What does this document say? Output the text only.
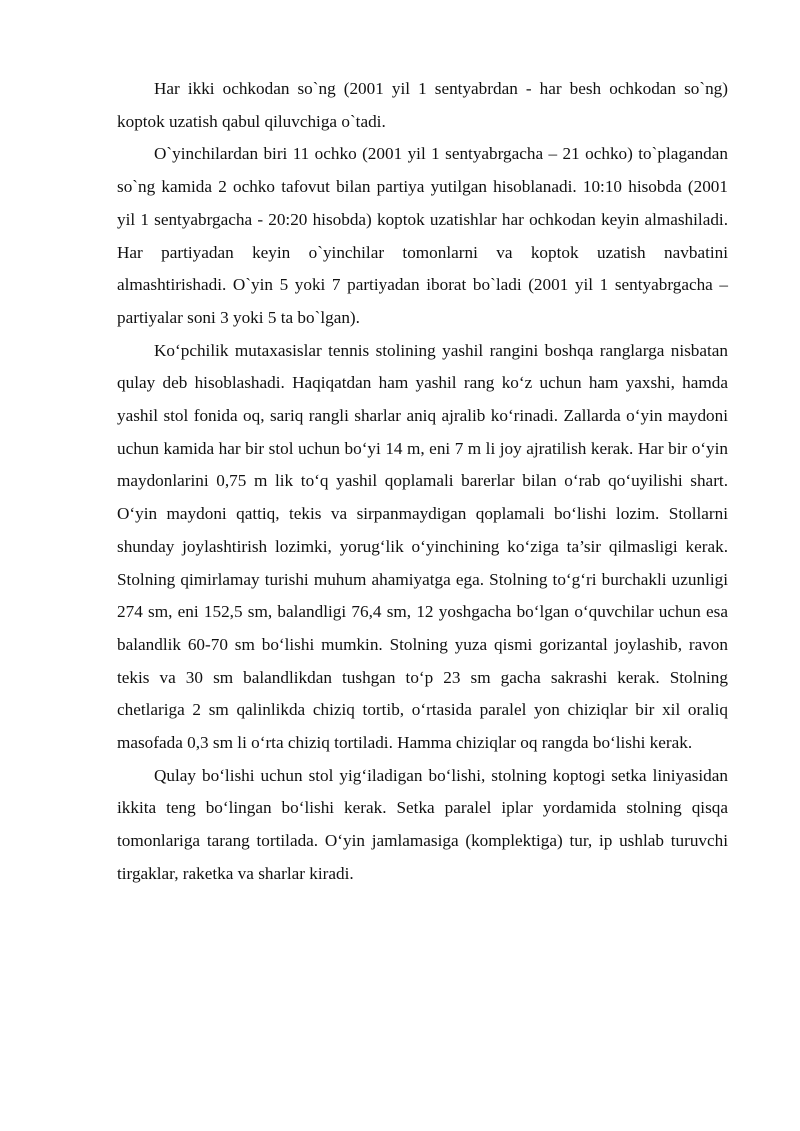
Har ikki ochkodan so`ng (2001 yil 1 sentyabrdan - har besh ochkodan so`ng) koptok uzatish qabul qiluvchiga o`tadi.

O`yinchilardan biri 11 ochko (2001 yil 1 sentyabrgacha – 21 ochko) to`plagandan so`ng kamida 2 ochko tafovut bilan partiya yutilgan hisoblanadi. 10:10 hisobda (2001 yil 1 sentyabrgacha - 20:20 hisobda) koptok uzatishlar har ochkodan keyin almashiladi. Har partiyadan keyin o`yinchilar tomonlarni va koptok uzatish navbatini almashtirishadi. O`yin 5 yoki 7 partiyadan iborat bo`ladi (2001 yil 1 sentyabrgacha – partiyalar soni 3 yoki 5 ta bo`lgan).

Ko‘pchilik mutaxasislar tennis stolining yashil rangini boshqa ranglarga nisbatan qulay deb hisoblashadi. Haqiqatdan ham yashil rang ko‘z uchun ham yaxshi, hamda yashil stol fonida oq, sariq rangli sharlar aniq ajralib ko‘rinadi. Zallarda o‘yin maydoni uchun kamida har bir stol uchun bo‘yi 14 m, eni 7 m li joy ajratilish kerak. Har bir o‘yin maydonlarini 0,75 m lik to‘q yashil qoplamali barerlar bilan o‘rab qo‘uyilishi shart. O‘yin maydoni qattiq, tekis va sirpanmaydigan qoplamali bo‘lishi lozim. Stollarni shunday joylashtirish lozimki, yorug‘lik o‘yinchining ko‘ziga ta’sir qilmasligi kerak. Stolning qimirlamay turishi muhum ahamiyatga ega. Stolning to‘g‘ri burchakli uzunligi 274 sm, eni 152,5 sm, balandligi 76,4 sm, 12 yoshgacha bo‘lgan o‘quvchilar uchun esa balandlik 60-70 sm bo‘lishi mumkin. Stolning yuza qismi gorizantal joylashib, ravon tekis va 30 sm balandlikdan tushgan to‘p 23 sm gacha sakrashi kerak. Stolning chetlariga 2 sm qalinlikda chiziq tortib, o‘rtasida paralel yon chiziqlar bir xil oraliq masofada 0,3 sm li o‘rta chiziq tortiladi. Hamma chiziqlar oq rangda bo‘lishi kerak.

Qulay bo‘lishi uchun stol yig‘iladigan bo‘lishi, stolning koptogi setka liniyasidan ikkita teng bo‘lingan bo‘lishi kerak. Setka paralel iplar yordamida stolning qisqa tomonlariga tarang tortilada. O‘yin jamlamasiga (komplektiga) tur, ip ushlab turuvchi tirgaklar, raketka va sharlar kiradi.
